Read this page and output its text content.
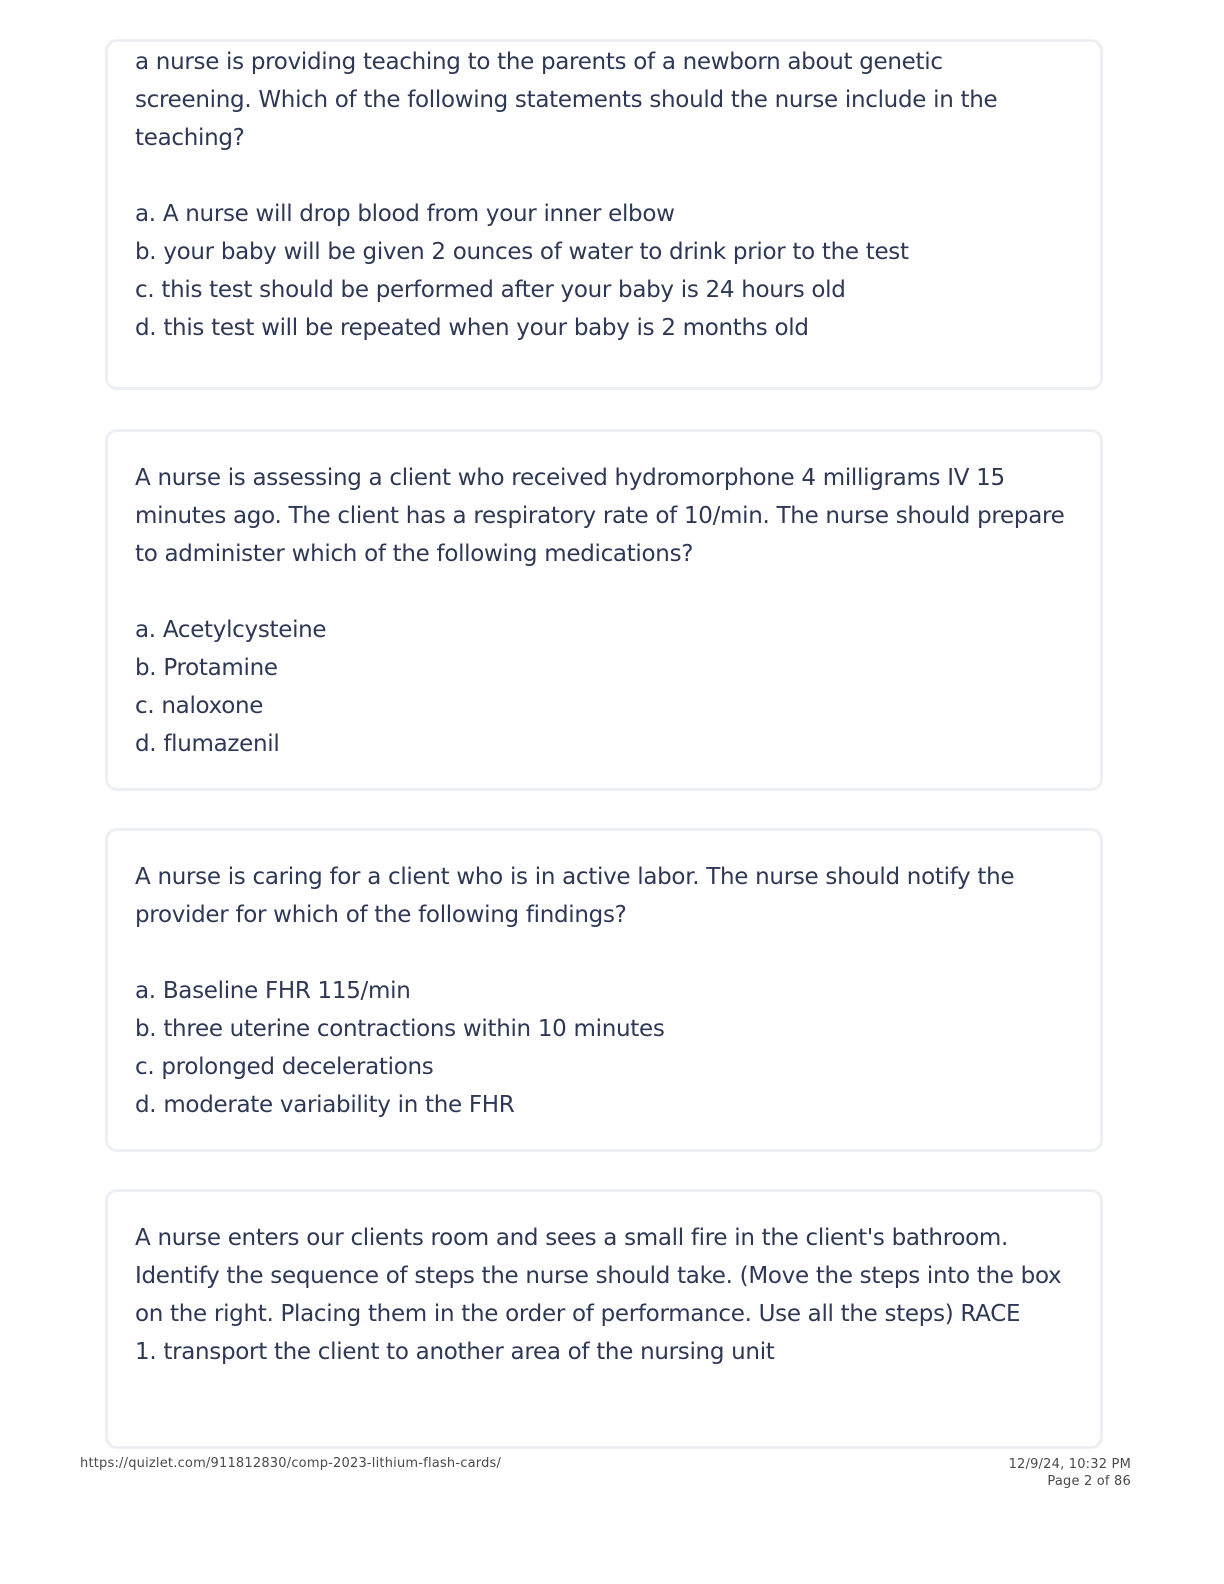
a nurse is providing teaching to the parents of a newborn about genetic
screening. Which of the following statements should the nurse include in the
teaching?
a. A nurse will drop blood from your inner elbow
b. your baby will be given 2 ounces of water to drink prior to the test
c. this test should be performed after your baby is 24 hours old
d. this test will be repeated when your baby is 2 months old
A nurse is assessing a client who received hydromorphone 4 milligrams IV 15
minutes ago. The client has a respiratory rate of 10/min. The nurse should prepare
to administer which of the following medications?
a. Acetylcysteine
b. Protamine
c. naloxone
d. flumazenil
A nurse is caring for a client who is in active labor. The nurse should notify the
provider for which of the following findings?
a. Baseline FHR 115/min
b. three uterine contractions within 10 minutes
c. prolonged decelerations
d. moderate variability in the FHR
A nurse enters our clients room and sees a small fire in the client's bathroom.
Identify the sequence of steps the nurse should take. (Move the steps into the box
on the right. Placing them in the order of performance. Use all the steps) RACE
1. transport the client to another area of the nursing unit
https://quizlet.com/911812830/comp-2023-lithium-flash-cards/	12/9/24, 10:32 PM
Page 2 of 86
